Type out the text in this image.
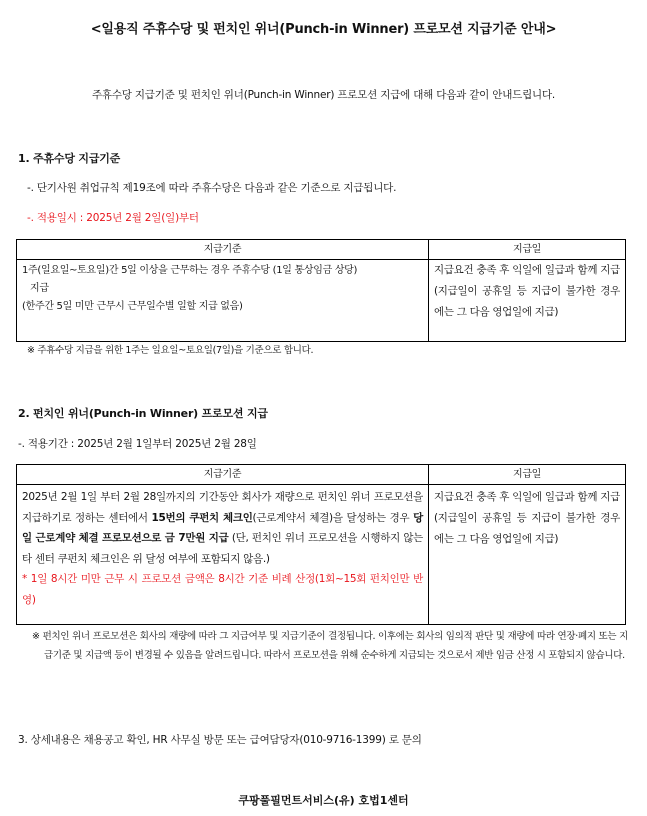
<일용직 주휴수당 및 펀치인 위너(Punch-in Winner) 프로모션 지급기준 안내>
주휴수당 지급기준 및 펀치인 위너(Punch-in Winner) 프로모션 지급에 대해 다음과 같이 안내드립니다.
1. 주휴수당 지급기준
-. 단기사원 취업규칙 제19조에 따라 주휴수당은 다음과 같은 기준으로 지급됩니다.
-. 적용일시 : 2025년 2월 2일(일)부터
지급기준	지급일

1주(일요일~토요일)간 5일 이상을 근무하는 경우 주휴수당 (1일 통상임금 상당)
지급
(한주간 5일 미만 근무시 근무일수별 일할 지급 없음)	지급요건 충족 후 익일에 일급과 함께 지급 (지급일이 공휴일 등 지급이 불가한 경우에는 그 다음 영업일에 지급)
※ 주휴수당 지급을 위한 1주는 일요일~토요일(7일)을 기준으로 합니다.
2. 펀치인 위너(Punch-in Winner) 프로모션 지급
-. 적용기간 : 2025년 2월 1일부터 2025년 2월 28일
지급기준	지급일
2025년 2월 1일 부터 2월 28일까지의 기간동안 회사가 재량으로 펀치인 위너 프로모션을 지급하기로 정하는 센터에서 15번의 쿠펀치 체크인(근로계약서 체결)을 달성하는 경우 당일 근로계약 체결 프로모션으로 금 7만원 지급 (단, 펀치인 위너 프로모션을 시행하지 않는 타 센터 쿠펀치 체크인은 위 달성 여부에 포함되지 않음.)
* 1일 8시간 미만 근무 시 프로모션 금액은 8시간 기준 비례 산정(1회~15회 펀치인만 반영)	지급요건 충족 후 익일에 일급과 함께 지급 (지급일이 공휴일 등 지급이 불가한 경우에는 그 다음 영업일에 지급)
※ 펀치인 위너 프로모션은 회사의 재량에 따라 그 지급여부 및 지급기준이 결정됩니다. 이후에는 회사의 임의적 판단 및 재량에 따라 연장·폐지 또는 지급기준 및 지급액 등이 변경될 수 있음을 알려드립니다. 따라서 프로모션을 위해 순수하게 지급되는 것으로서 제반 임금 산정 시 포함되지 않습니다.
3. 상세내용은 채용공고 확인, HR 사무실 방문 또는 급여담당자(010-9716-1399) 로 문의
쿠팡풀필먼트서비스(유) 호법1센터
